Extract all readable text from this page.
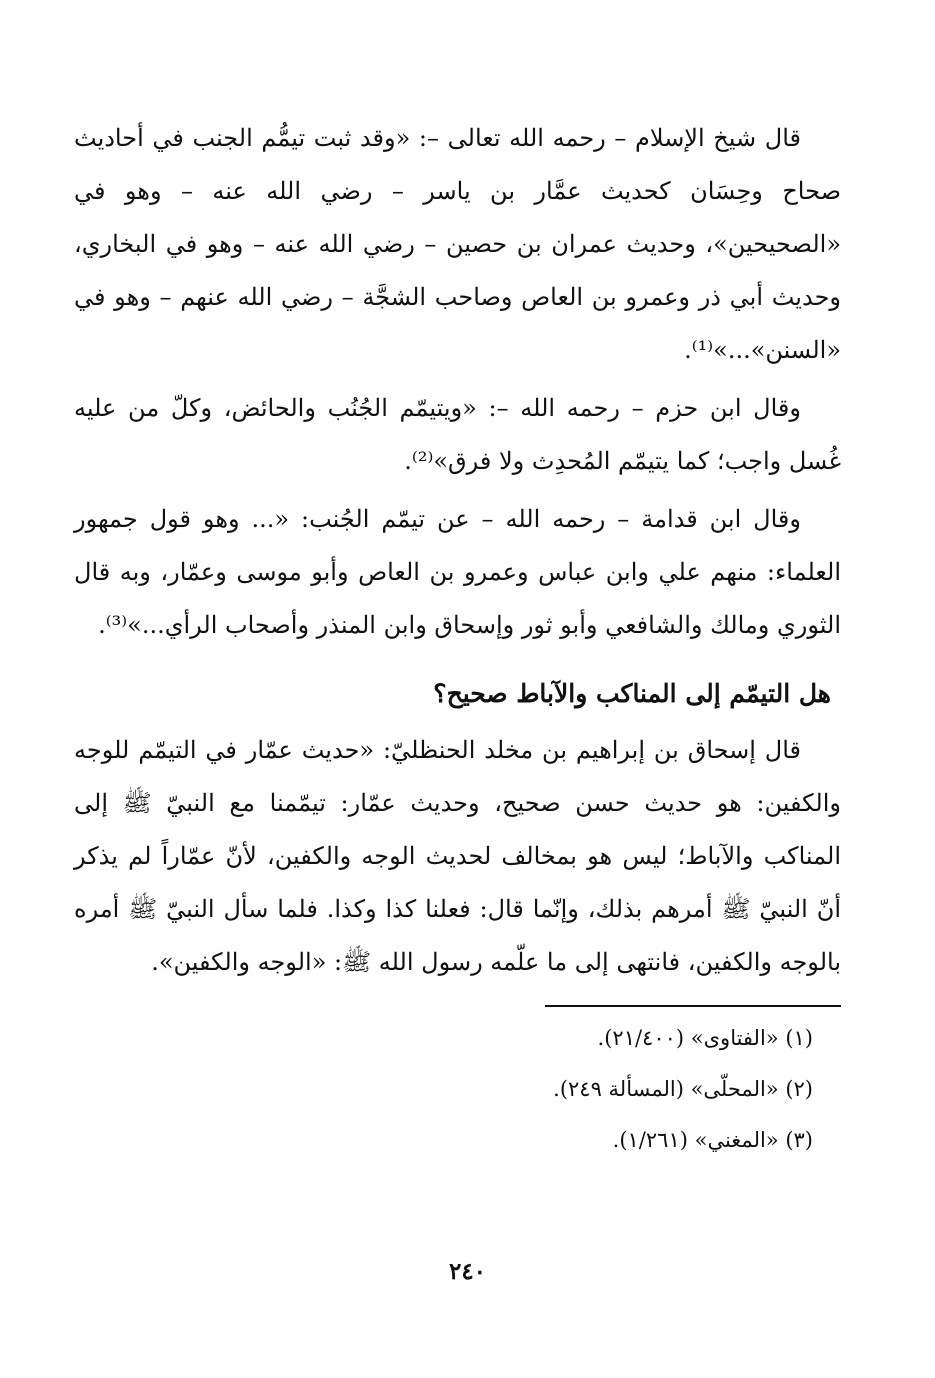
قال شيخ الإسلام – رحمه الله تعالى –: «وقد ثبت تيمُّم الجنب في أحاديث صحاح وحِسَان كحديث عمَّار بن ياسر – رضي الله عنه – وهو في «الصحيحين»، وحديث عمران بن حصين – رضي الله عنه – وهو في البخاري، وحديث أبي ذر وعمرو بن العاص وصاحب الشجَّة – رضي الله عنهم – وهو في «السنن»...»⁽¹⁾.

وقال ابن حزم – رحمه الله –: «ويتيمّم الجُنُب والحائض، وكلّ من عليه غُسل واجب؛ كما يتيمّم المُحدِث ولا فرق»⁽²⁾.

وقال ابن قدامة – رحمه الله – عن تيمّم الجُنب: «... وهو قول جمهور العلماء: منهم علي وابن عباس وعمرو بن العاص وأبو موسى وعمّار، وبه قال الثوري ومالك والشافعي وأبو ثور وإسحاق وابن المنذر وأصحاب الرأي...»⁽³⁾.

هل التيمّم إلى المناكب والآباط صحيح؟

قال إسحاق بن إبراهيم بن مخلد الحنظليّ: «حديث عمّار في التيمّم للوجه والكفين: هو حديث حسن صحيح، وحديث عمّار: تيمّمنا مع النبيّ ﷺ إلى المناكب والآباط؛ ليس هو بمخالف لحديث الوجه والكفين، لأنّ عمّاراً لم يذكر أنّ النبيّ ﷺ أمرهم بذلك، وإنّما قال: فعلنا كذا وكذا. فلما سأل النبيّ ﷺ أمره بالوجه والكفين، فانتهى إلى ما علّمه رسول الله ﷺ: «الوجه والكفين».

(١) «الفتاوى» (٢١/٤٠٠).

(٢) «المحلّى» (المسألة ٢٤٩).

(٣) «المغني» (١/٢٦١).

٢٤٠
